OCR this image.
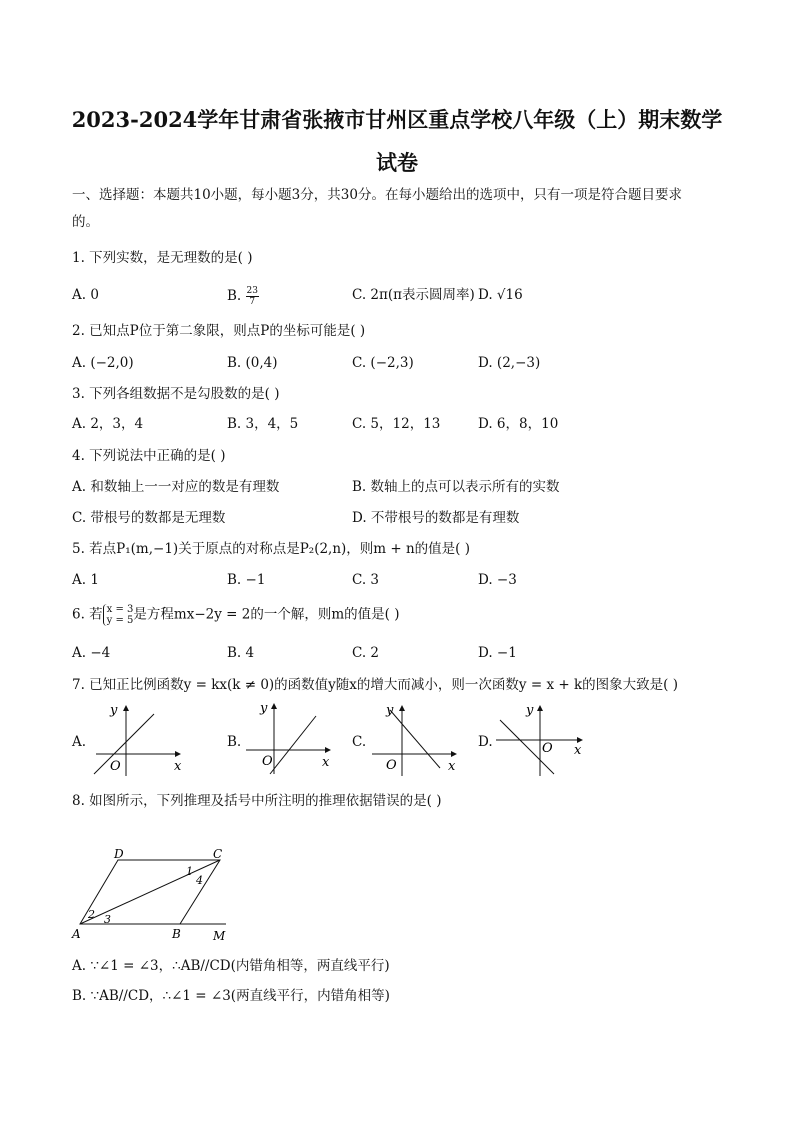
2023-2024学年甘肃省张掖市甘州区重点学校八年级（上）期末数学
试卷
一、选择题：本题共10小题，每小题3分，共30分。在每小题给出的选项中，只有一项是符合题目要求
的。
1. 下列实数，是无理数的是( )
A. 0	B. $\frac{23}{7}$	C. 2π(π表示圆周率) D. √16
2. 已知点P位于第二象限，则点P的坐标可能是( )
A. (−2,0)	B. (0,4)	C. (−2,3)	D. (2,−3)
3. 下列各组数据不是勾股数的是( )
A. 2，3，4	B. 3，4，5	C. 5，12，13	D. 6，8，10
4. 下列说法中正确的是( )
A. 和数轴上一一对应的数是有理数	B. 数轴上的点可以表示所有的实数
C. 带根号的数都是无理数	D. 不带根号的数都是有理数
5. 若点P₁(m,−1)关于原点的对称点是P₂(2,n)，则m + n的值是( )
A. 1	B. −1	C. 3	D. −3
6. 若 x = 3
y = 5 是方程mx−2y = 2的一个解，则m的值是( )
A. −4	B. 4	C. 2	D. −1
7. 已知正比例函数y = kx(k ≠ 0)的函数值y随x的增大而减小，则一次函数y = x + k的图象大致是( )
A.
y
x
O
B.
y
x
O
C.
y
x
O
D.
y
x
O
8. 如图所示，下列推理及括号中所注明的推理依据错误的是( )
D	C
A	B	M
1
4
2 3
A. ∵∠1 = ∠3，∴AB//CD(内错角相等，两直线平行)
B. ∵AB//CD，∴∠1 = ∠3(两直线平行，内错角相等)
